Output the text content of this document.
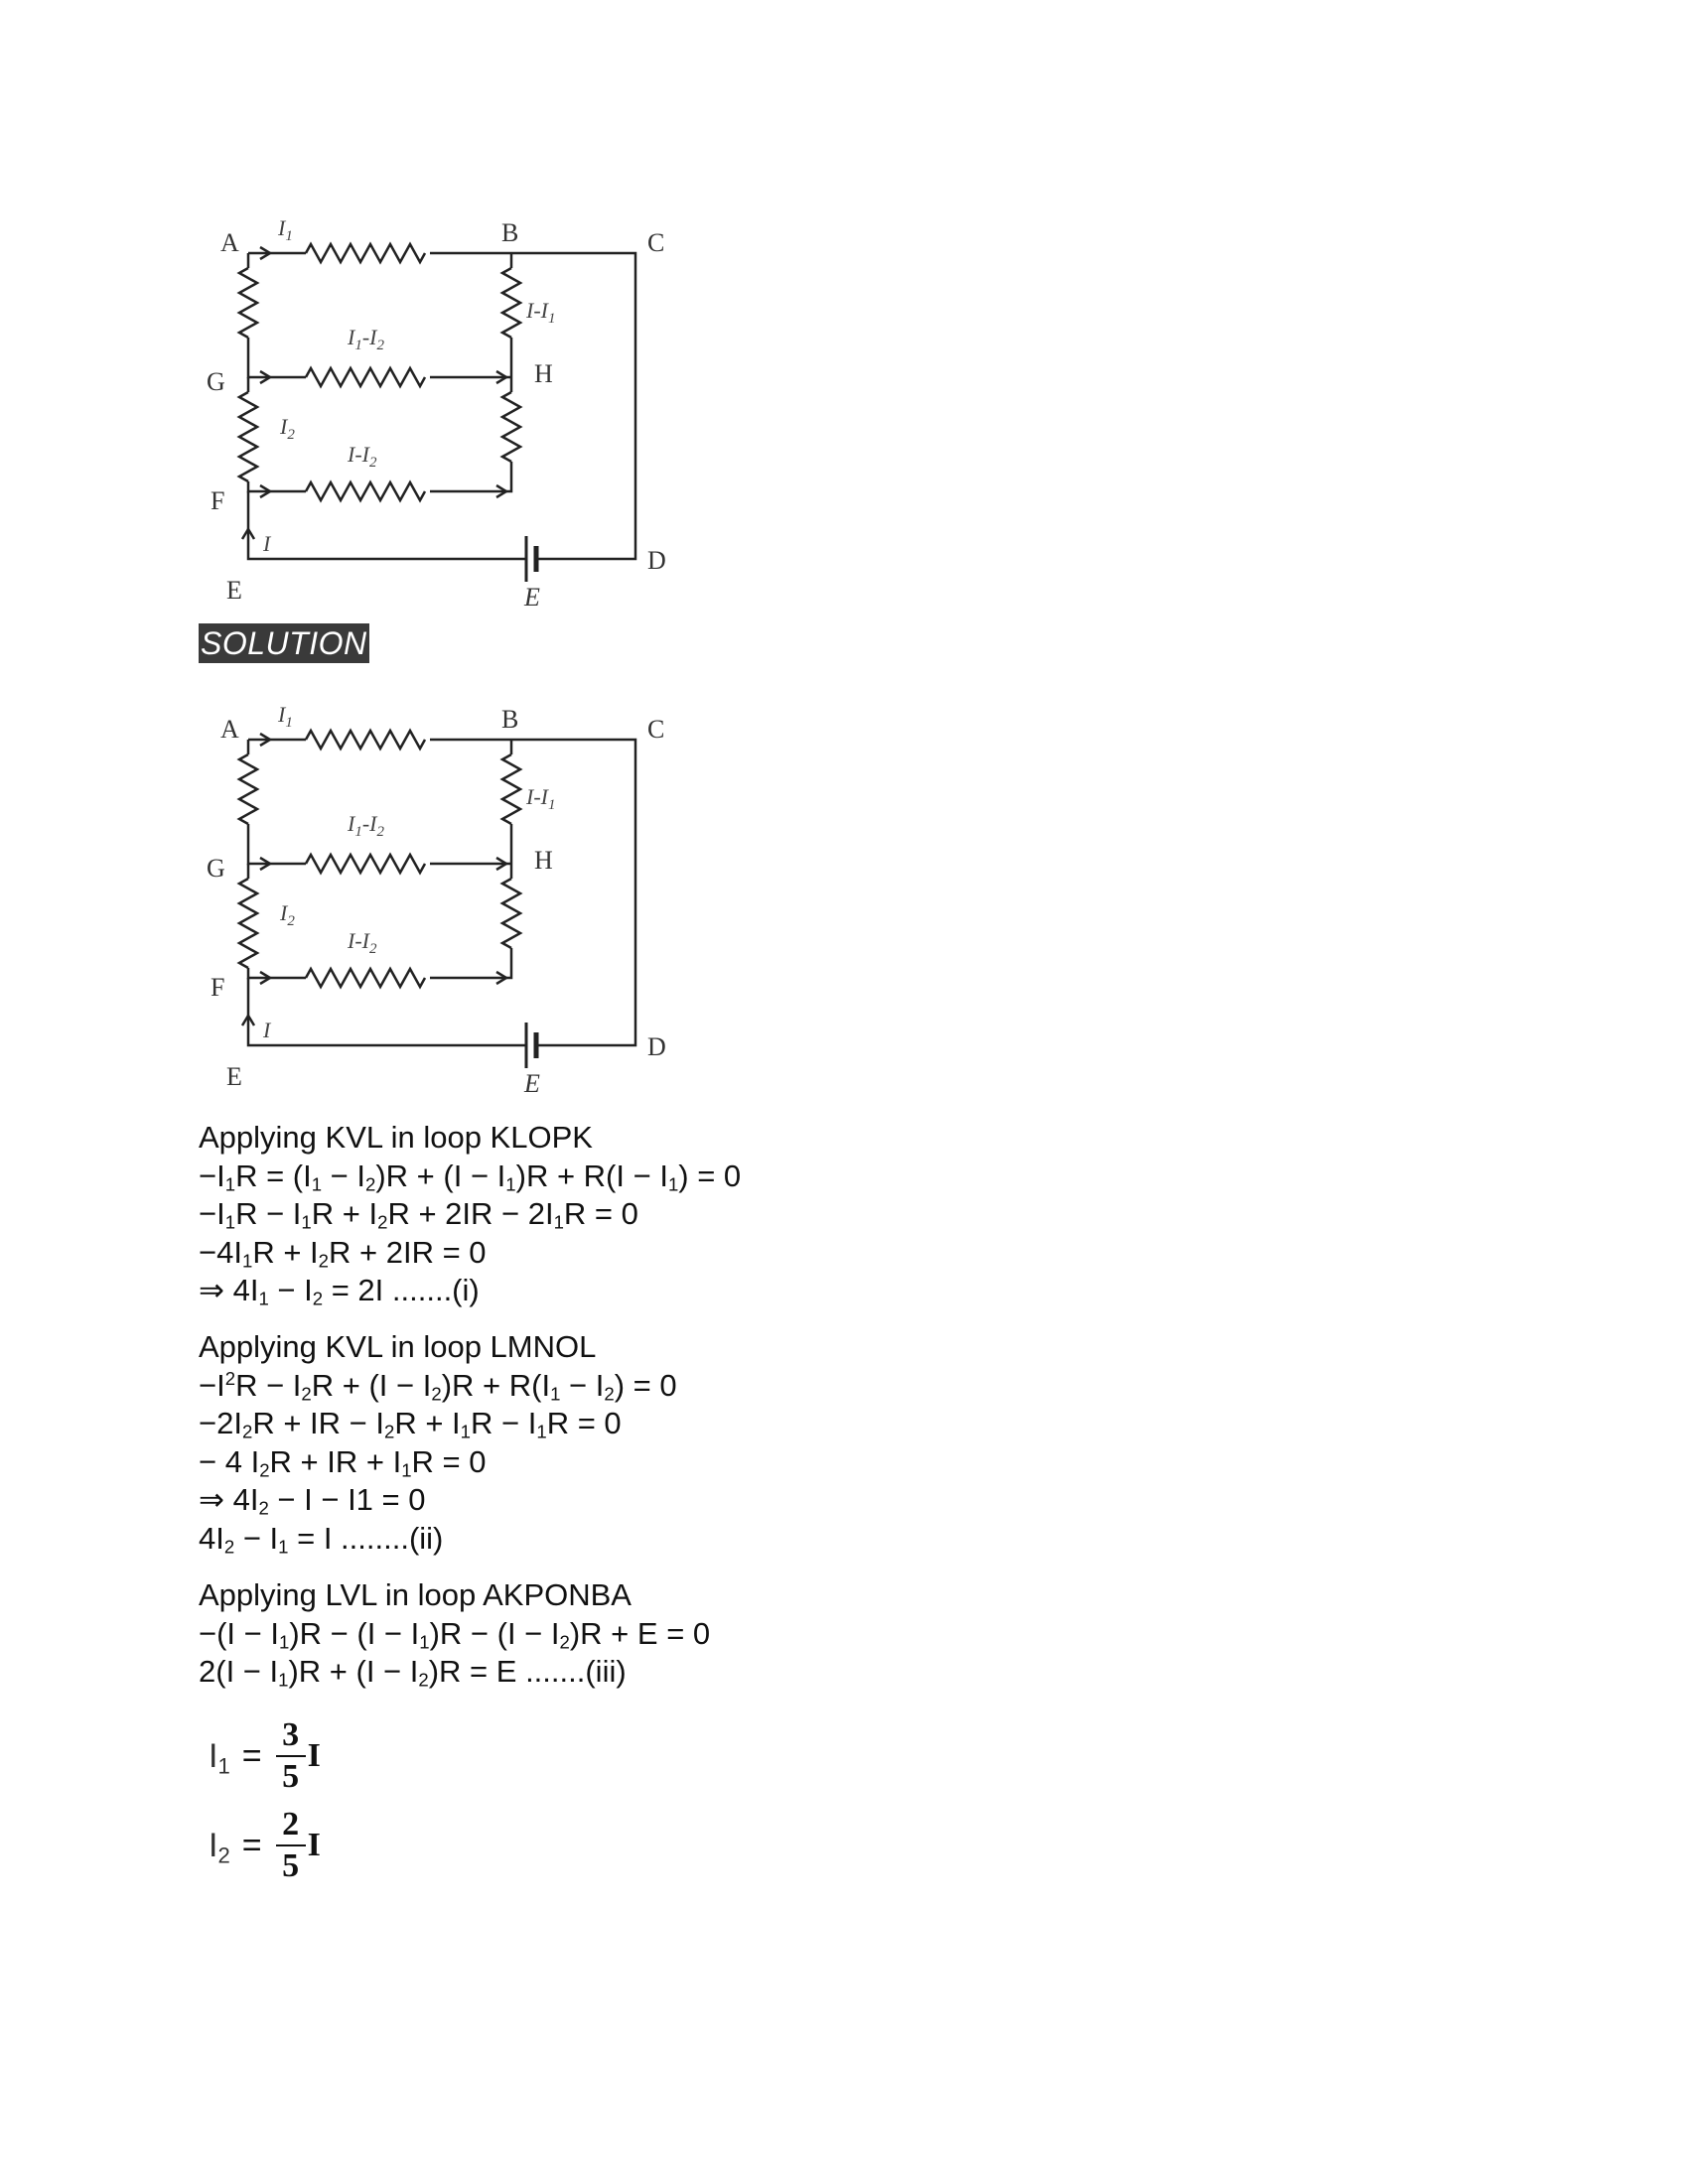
A	B	C
D
E
F
G	H
E
$I_1$
$I-I_1$
$I_1-I_2$
$I_2$
$I-I_2$
I
SOLUTION
A	B	C
D
E
F
G	H
E
$I_1$
$I-I_1$
$I_1-I_2$
$I_2$
$I-I_2$
I
Applying KVL in loop KLOPK
$-I_1R = (I_1 - I_2)R + (I - I_1)R + R(I - I_1) = 0$
$-I_1R - I_1R + I_2R + 2IR - 2I_1R = 0$
$-4I_1R + I_2R + 2IR = 0$
⇒ $4I_1 - I_2 = 2I$ .......(i)
Applying KVL in loop LMNOL
$-I^2R - I_2R + (I - I_2)R + R(I_1 - I_2) = 0$
$-2I_2R$ + IR − $I_2R + I_1R - I_1R = 0$
− 4 $I_2R$ + IR + $I_1R = 0$
⇒ $4I_2 - I - I1 = 0$
$4I_2 - I_1 = I$ ........(ii)
Applying LVL in loop AKPONBA
$-(I - I_1)R - (I - I_1)R - (I - I_2)R + E = 0$
$2(I - I_1)R + (I - I_2)R = E$ .......(iii)
$I_1 = \frac{3}{5}$ I
$I_2 = \frac{2}{5}$ I
